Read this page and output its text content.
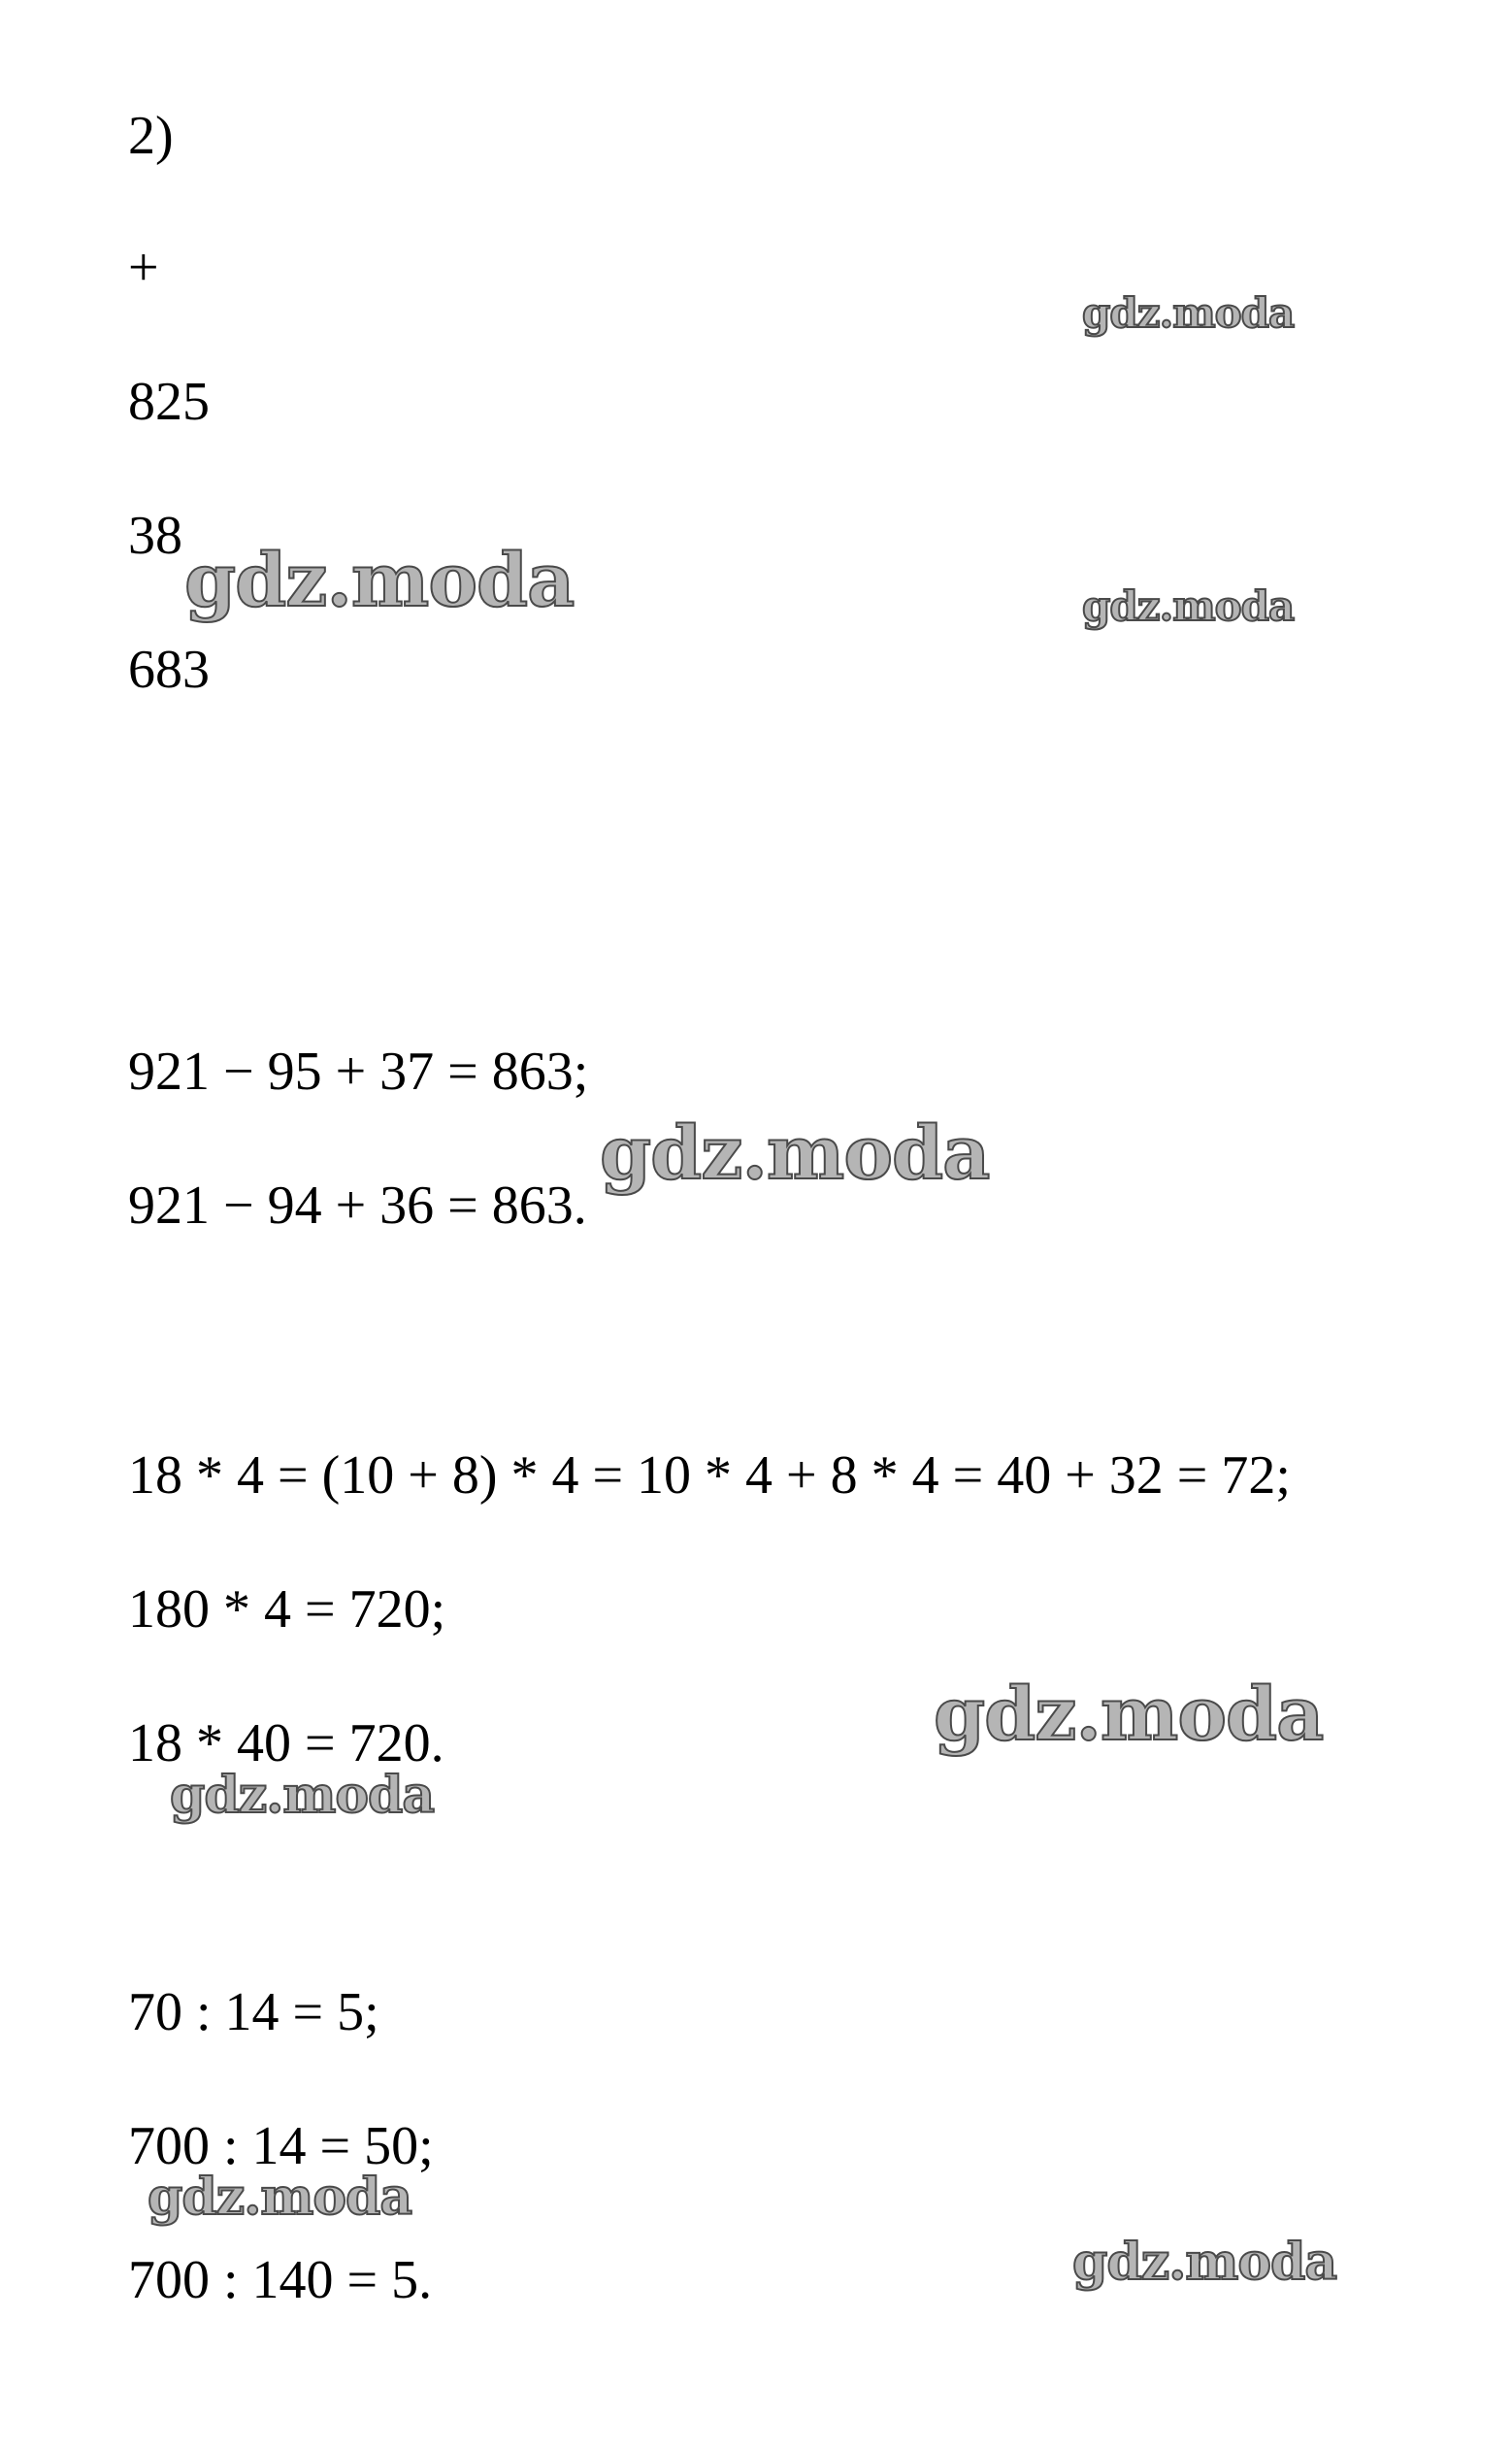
2)
+
825
38
683
921 − 95 + 37 = 863;
921 − 94 + 36 = 863.
18 * 4 = (10 + 8) * 4 = 10 * 4 + 8 * 4 = 40 + 32 = 72;
180 * 4 = 720;
18 * 40 = 720.
70 : 14 = 5;
700 : 14 = 50;
700 : 140 = 5.
gdz.moda
gdz.moda	gdz.moda
gdz.moda
gdz.moda
gdz.moda
gdz.moda
gdz.moda
